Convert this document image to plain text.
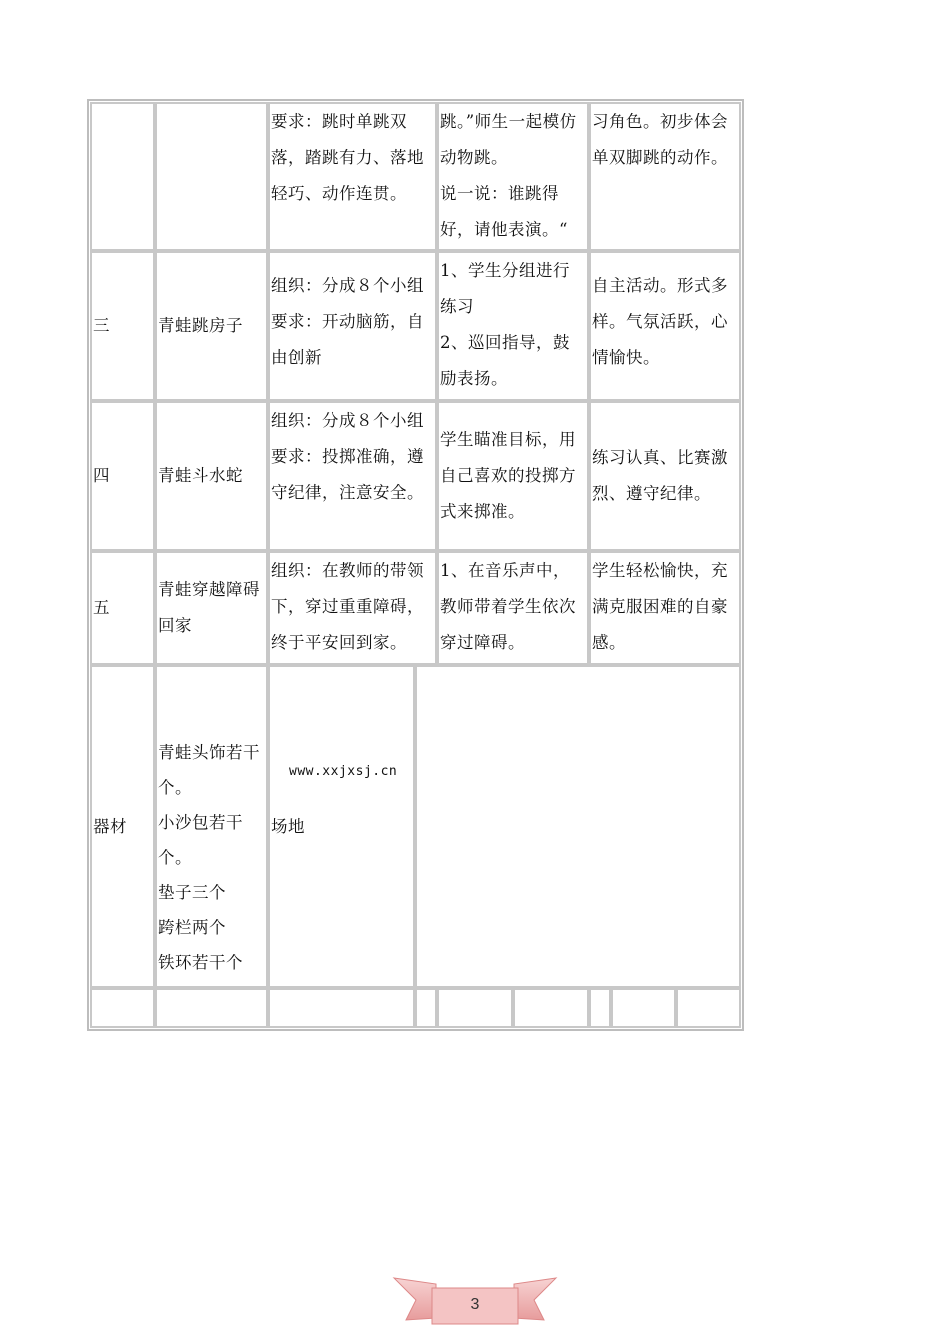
要求：跳时单跳双落，踏跳有力、落地轻巧、动作连贯。

跳。”师生一起模仿动物跳。

说一说：谁跳得好，请他表演。“

习角色。初步体会单双脚跳的动作。

三	青蛙跳房子

组织：分成８个小组

要求：开动脑筋，自由创新

1、学生分组进行练习

2、巡回指导，鼓励表扬。

自主活动。形式多样。气氛活跃，心情愉快。

四	青蛙斗水蛇

组织：分成８个小组

要求：投掷准确，遵守纪律，注意安全。

学生瞄准目标，用自己喜欢的投掷方式来掷准。

练习认真、比赛激烈、遵守纪律。

五

青蛙穿越障碍回家

组织：在教师的带领下，穿过重重障碍，终于平安回到家。

1、在音乐声中，教师带着学生依次穿过障碍。

学生轻松愉快，充满克服困难的自豪感。

器材

青蛙头饰若干个。

小沙包若干个。

垫子三个

跨栏两个

铁环若干个

www.xxjxsj.cn

场地

3
